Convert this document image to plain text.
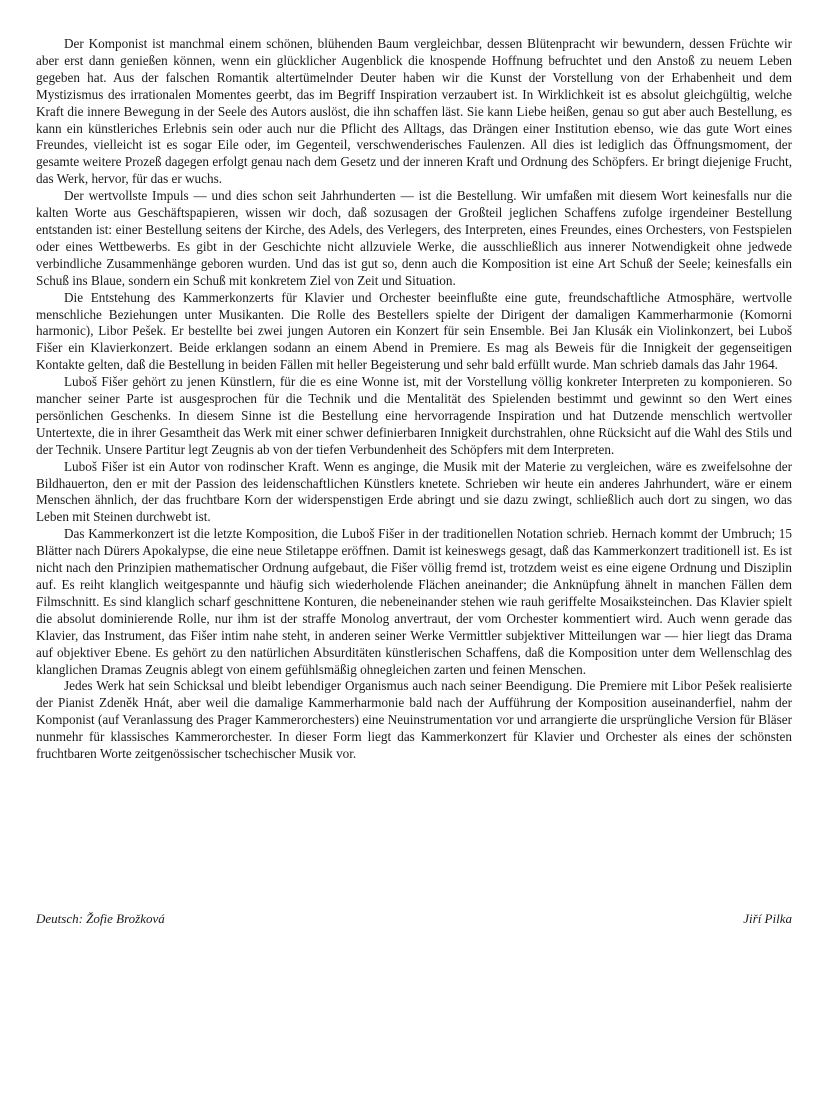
Der Komponist ist manchmal einem schönen, blühenden Baum vergleichbar, dessen Blütenpracht wir bewundern, dessen Früchte wir aber erst dann genießen können, wenn ein glücklicher Augenblick die knospende Hoffnung befruchtet und den Anstoß zu neuem Leben gegeben hat. Aus der falschen Romantik altertümelnder Deuter haben wir die Kunst der Vorstellung von der Erhabenheit und dem Mystizismus des irrationalen Momentes geerbt, das im Begriff Inspiration verzaubert ist. In Wirklichkeit ist es absolut gleichgültig, welche Kraft die innere Bewegung in der Seele des Autors auslöst, die ihn schaffen läst. Sie kann Liebe heißen, genau so gut aber auch Bestellung, es kann ein künstleriches Erlebnis sein oder auch nur die Pflicht des Alltags, das Drängen einer Institution ebenso, wie das gute Wort eines Freundes, vielleicht ist es sogar Eile oder, im Gegenteil, verschwenderisches Faulenzen. All dies ist lediglich das Öffnungsmoment, der gesamte weitere Prozeß dagegen erfolgt genau nach dem Gesetz und der inneren Kraft und Ordnung des Schöpfers. Er bringt diejenige Frucht, das Werk, hervor, für das er wuchs.

Der wertvollste Impuls — und dies schon seit Jahrhunderten — ist die Bestellung. Wir umfaßen mit diesem Wort keinesfalls nur die kalten Worte aus Geschäftspapieren, wissen wir doch, daß sozusagen der Großteil jeglichen Schaffens zufolge irgendeiner Bestellung entstanden ist: einer Bestellung seitens der Kirche, des Adels, des Verlegers, des Interpreten, eines Freundes, eines Orchesters, von Festspielen oder eines Wettbewerbs. Es gibt in der Geschichte nicht allzuviele Werke, die ausschließlich aus innerer Notwendigkeit ohne jedwede verbindliche Zusammenhänge geboren wurden. Und das ist gut so, denn auch die Komposition ist eine Art Schuß der Seele; keinesfalls ein Schuß ins Blaue, sondern ein Schuß mit konkretem Ziel von Zeit und Situation.

Die Entstehung des Kammerkonzerts für Klavier und Orchester beeinflußte eine gute, freundschaftliche Atmosphäre, wertvolle menschliche Beziehungen unter Musikanten. Die Rolle des Bestellers spielte der Dirigent der damaligen Kammerharmonie (Komorni harmonic), Libor Pešek. Er bestellte bei zwei jungen Autoren ein Konzert für sein Ensemble. Bei Jan Klusák ein Violinkonzert, bei Luboš Fišer ein Klavierkonzert. Beide erklangen sodann an einem Abend in Premiere. Es mag als Beweis für die Innigkeit der gegenseitigen Kontakte gelten, daß die Bestellung in beiden Fällen mit heller Begeisterung und sehr bald erfüllt wurde. Man schrieb damals das Jahr 1964.

Luboš Fišer gehört zu jenen Künstlern, für die es eine Wonne ist, mit der Vorstellung völlig konkreter Interpreten zu komponieren. So mancher seiner Parte ist ausgesprochen für die Technik und die Mentalität des Spielenden bestimmt und gewinnt so den Wert eines persönlichen Geschenks. In diesem Sinne ist die Bestellung eine hervorragende Inspiration und hat Dutzende menschlich wertvoller Untertexte, die in ihrer Gesamtheit das Werk mit einer schwer definierbaren Innigkeit durchstrahlen, ohne Rücksicht auf die Wahl des Stils und der Technik. Unsere Partitur legt Zeugnis ab von der tiefen Verbundenheit des Schöpfers mit dem Interpreten.

Luboš Fišer ist ein Autor von rodinscher Kraft. Wenn es anginge, die Musik mit der Materie zu vergleichen, wäre es zweifelsohne der Bildhauerton, den er mit der Passion des leidenschaftlichen Künstlers knetete. Schrieben wir heute ein anderes Jahrhundert, wäre er einem Menschen ähnlich, der das fruchtbare Korn der widerspenstigen Erde abringt und sie dazu zwingt, schließlich auch dort zu singen, wo das Leben mit Steinen durchwebt ist.

Das Kammerkonzert ist die letzte Komposition, die Luboš Fišer in der traditionellen Notation schrieb. Hernach kommt der Umbruch; 15 Blätter nach Dürers Apokalypse, die eine neue Stiletappe eröffnen. Damit ist keineswegs gesagt, daß das Kammerkonzert traditionell ist. Es ist nicht nach den Prinzipien mathematischer Ordnung aufgebaut, die Fišer völlig fremd ist, trotzdem weist es eine eigene Ordnung und Disziplin auf. Es reiht klanglich weitgespannte und häufig sich wiederholende Flächen aneinander; die Anknüpfung ähnelt in manchen Fällen dem Filmschnitt. Es sind klanglich scharf geschnittene Konturen, die nebeneinander stehen wie rauh geriffelte Mosaiksteinchen. Das Klavier spielt die absolut dominierende Rolle, nur ihm ist der straffe Monolog anvertraut, der vom Orchester kommentiert wird. Auch wenn gerade das Klavier, das Instrument, das Fišer intim nahe steht, in anderen seiner Werke Vermittler subjektiver Mitteilungen war — hier liegt das Drama auf objektiver Ebene. Es gehört zu den natürlichen Absurditäten künstlerischen Schaffens, daß die Komposition unter dem Wellenschlag des klanglichen Dramas Zeugnis ablegt von einem gefühlsmäßig ohnegleichen zarten und feinen Menschen.

Jedes Werk hat sein Schicksal und bleibt lebendiger Organismus auch nach seiner Beendigung. Die Premiere mit Libor Pešek realisierte der Pianist Zdeněk Hnát, aber weil die damalige Kammerharmonie bald nach der Aufführung der Komposition auseinanderfiel, nahm der Komponist (auf Veranlassung des Prager Kammerorchesters) eine Neuinstrumentation vor und arrangierte die ursprüngliche Version für Bläser nunmehr für klassisches Kammerorchester. In dieser Form liegt das Kammerkonzert für Klavier und Orchester als eines der schönsten fruchtbaren Worte zeitgenössischer tschechischer Musik vor.

Deutsch: Žofie Brožková	Jiří Pilka
